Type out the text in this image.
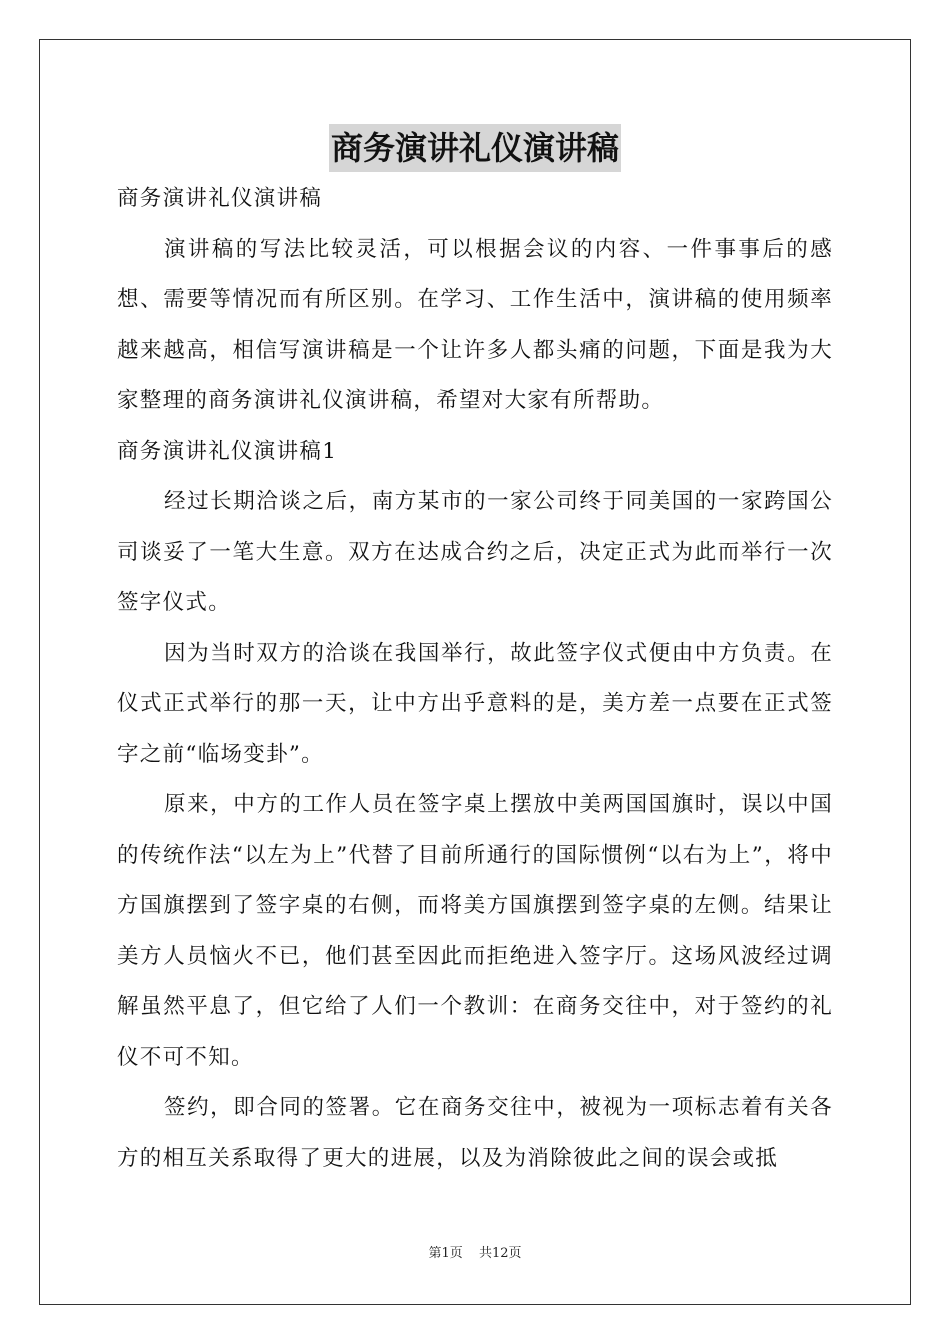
商务演讲礼仪演讲稿

商务演讲礼仪演讲稿

演讲稿的写法比较灵活，可以根据会议的内容、一件事事后的感想、需要等情况而有所区别。在学习、工作生活中，演讲稿的使用频率越来越高，相信写演讲稿是一个让许多人都头痛的问题，下面是我为大家整理的商务演讲礼仪演讲稿，希望对大家有所帮助。

商务演讲礼仪演讲稿1

经过长期洽谈之后，南方某市的一家公司终于同美国的一家跨国公司谈妥了一笔大生意。双方在达成合约之后，决定正式为此而举行一次签字仪式。

因为当时双方的洽谈在我国举行，故此签字仪式便由中方负责。在仪式正式举行的那一天，让中方出乎意料的是，美方差一点要在正式签字之前“临场变卦”。

原来，中方的工作人员在签字桌上摆放中美两国国旗时，误以中国的传统作法“以左为上”代替了目前所通行的国际惯例“以右为上”，将中方国旗摆到了签字桌的右侧，而将美方国旗摆到签字桌的左侧。结果让美方人员恼火不已，他们甚至因此而拒绝进入签字厅。这场风波经过调解虽然平息了，但它给了人们一个教训：在商务交往中，对于签约的礼仪不可不知。

签约，即合同的签署。它在商务交往中，被视为一项标志着有关各方的相互关系取得了更大的进展，以及为消除彼此之间的误会或抵

第1页 共12页
